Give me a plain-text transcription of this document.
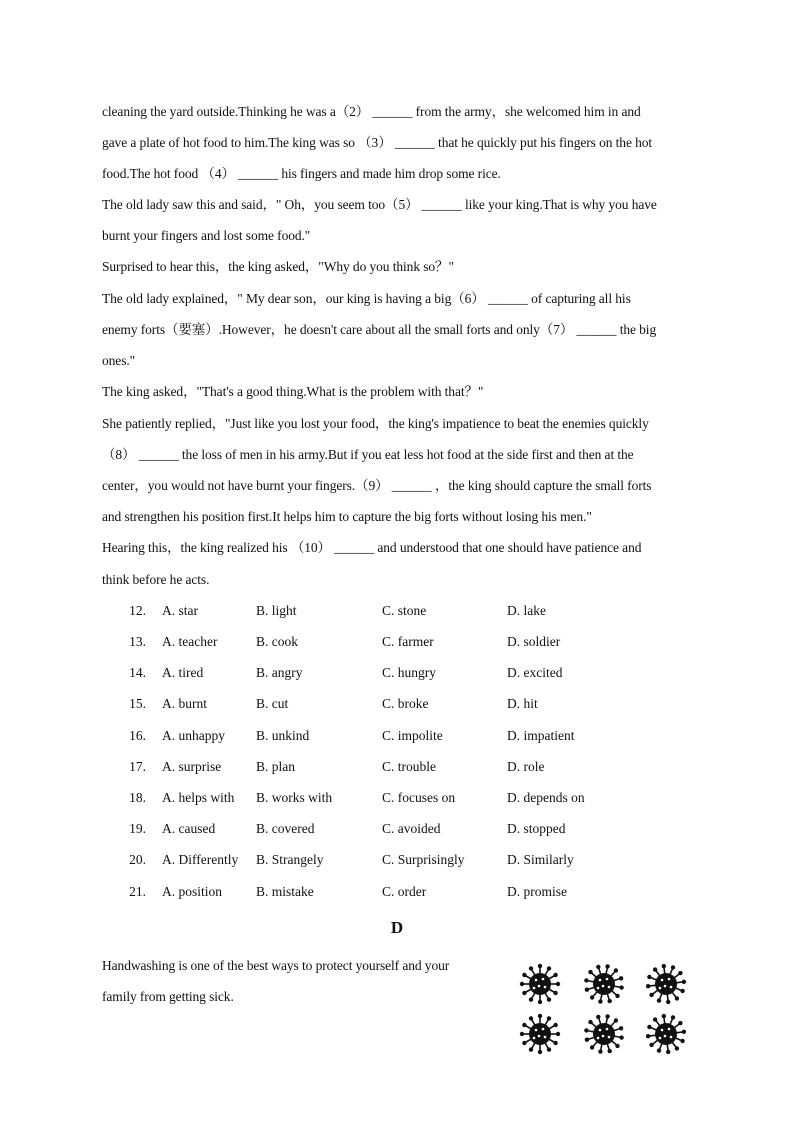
cleaning the yard outside.Thinking he was a（2） ______ from the army，she welcomed him in and
gave a plate of hot food to him.The king was so （3） ______ that he quickly put his fingers on the hot
food.The hot food （4） ______ his fingers and made him drop some rice.
The old lady saw this and said，" Oh，you seem too（5） ______ like your king.That is why you have
burnt your fingers and lost some food."
Surprised to hear this，the king asked，"Why do you think so？"
The old lady explained，" My dear son，our king is having a big（6） ______ of capturing all his
enemy forts（要塞）.However，he doesn't care about all the small forts and only（7） ______ the big
ones."
The king asked，"That's a good thing.What is the problem with that？"
She patiently replied，"Just like you lost your food，the king's impatience to beat the enemies quickly
（8） ______ the loss of men in his army.But if you eat less hot food at the side first and then at the
center，you would not have burnt your fingers.（9） ______ ，the king should capture the small forts
and strengthen his position first.It helps him to capture the big forts without losing his men."
Hearing this，the king realized his （10） ______ and understood that one should have patience and
think before he acts.
12. A. star	B. light	C. stone	D. lake
13. A. teacher	B. cook	C. farmer	D. soldier
14. A. tired	B. angry	C. hungry	D. excited
15. A. burnt	B. cut	C. broke	D. hit
16. A. unhappy B. unkind	C. impolite	D. impatient
17. A. surprise	B. plan	C. trouble	D. role
18. A. helps with B. works with	C. focuses on	D. depends on
19. A. caused	B. covered	C. avoided	D. stopped
20. A. Differently B. Strangely	C. Surprisingly	D. Similarly
21. A. position	B. mistake	C. order	D. promise
D
Handwashing is one of the best ways to protect yourself and your
family from getting sick.
